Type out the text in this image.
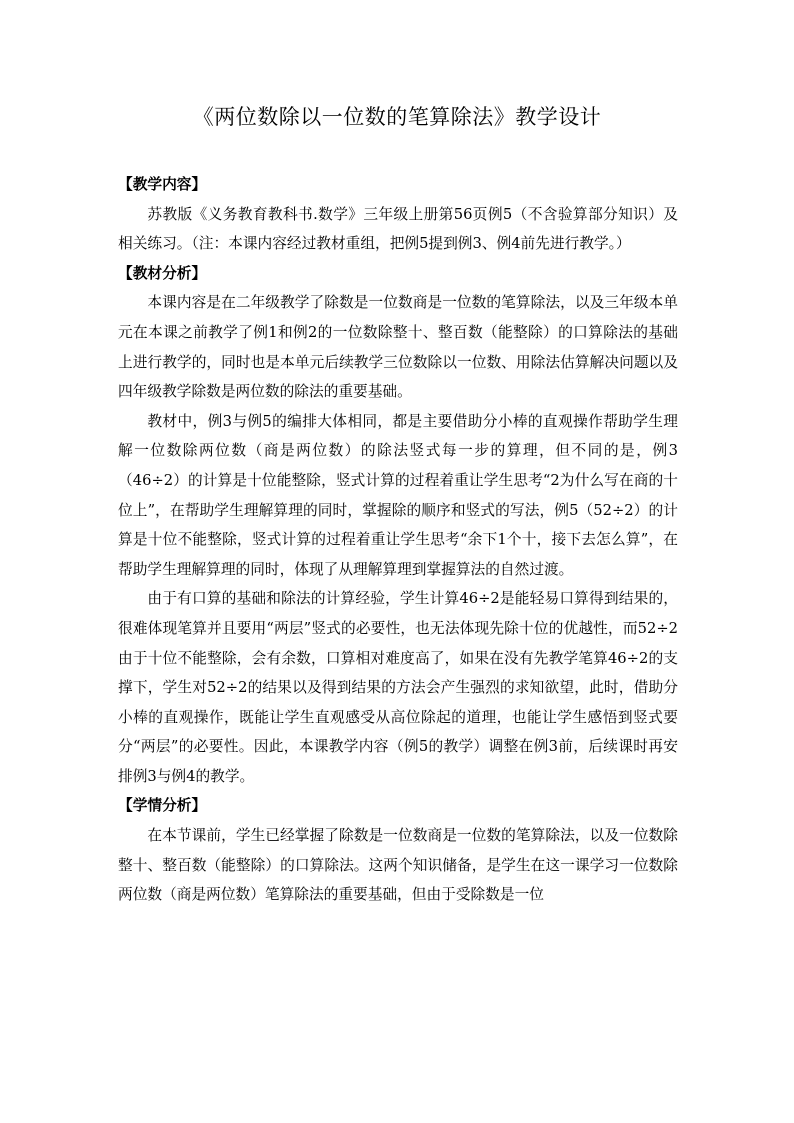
《两位数除以一位数的笔算除法》教学设计

【教学内容】

苏教版《义务教育教科书.数学》三年级上册第56页例5（不含验算部分知识）及相关练习。（注：本课内容经过教材重组，把例5提到例3、例4前先进行教学。）

【教材分析】

本课内容是在二年级教学了除数是一位数商是一位数的笔算除法，以及三年级本单元在本课之前教学了例1和例2的一位数除整十、整百数（能整除）的口算除法的基础上进行教学的，同时也是本单元后续教学三位数除以一位数、用除法估算解决问题以及四年级教学除数是两位数的除法的重要基础。

教材中，例3与例5的编排大体相同，都是主要借助分小棒的直观操作帮助学生理解一位数除两位数（商是两位数）的除法竖式每一步的算理，但不同的是，例3（46÷2）的计算是十位能整除，竖式计算的过程着重让学生思考“2为什么写在商的十位上”，在帮助学生理解算理的同时，掌握除的顺序和竖式的写法，例5（52÷2）的计算是十位不能整除，竖式计算的过程着重让学生思考“余下1个十，接下去怎么算”，在帮助学生理解算理的同时，体现了从理解算理到掌握算法的自然过渡。

由于有口算的基础和除法的计算经验，学生计算46÷2是能轻易口算得到结果的，很难体现笔算并且要用“两层”竖式的必要性，也无法体现先除十位的优越性，而52÷2由于十位不能整除，会有余数，口算相对难度高了，如果在没有先教学笔算46÷2的支撑下，学生对52÷2的结果以及得到结果的方法会产生强烈的求知欲望，此时，借助分小棒的直观操作，既能让学生直观感受从高位除起的道理，也能让学生感悟到竖式要分“两层”的必要性。因此，本课教学内容（例5的教学）调整在例3前，后续课时再安排例3与例4的教学。

【学情分析】

在本节课前，学生已经掌握了除数是一位数商是一位数的笔算除法，以及一位数除整十、整百数（能整除）的口算除法。这两个知识储备，是学生在这一课学习一位数除两位数（商是两位数）笔算除法的重要基础，但由于受除数是一位
